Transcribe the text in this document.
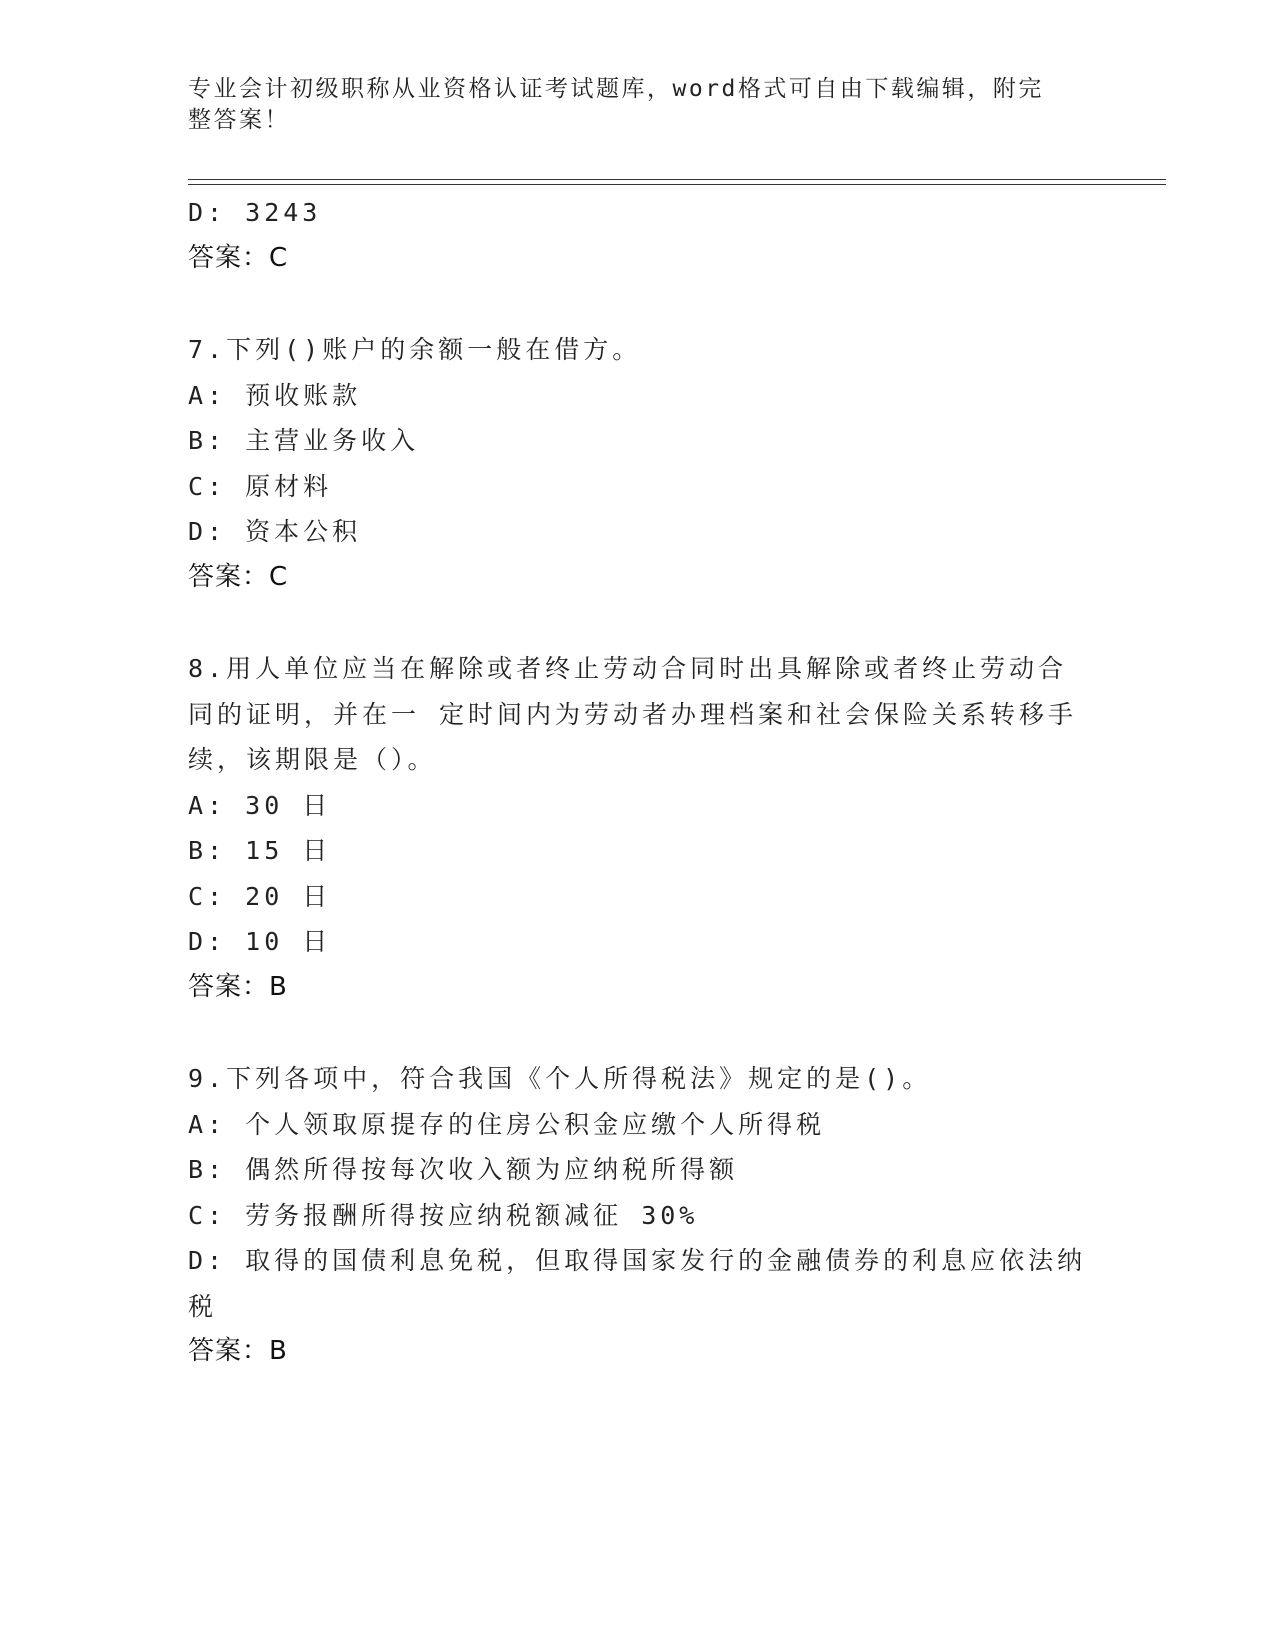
专业会计初级职称从业资格认证考试题库，word格式可自由下载编辑，附完整答案！
D: 3243
答案：C
7.下列()账户的余额一般在借方。
A: 预收账款
B: 主营业务收入
C: 原材料
D: 资本公积
答案：C
8.用人单位应当在解除或者终止劳动合同时出具解除或者终止劳动合
同的证明，并在一 定时间内为劳动者办理档案和社会保险关系转移手
续，该期限是（）。
A: 30 日
B: 15 日
C: 20 日
D: 10 日
答案：B
9.下列各项中，符合我国《个人所得税法》规定的是()。
A: 个人领取原提存的住房公积金应缴个人所得税
B: 偶然所得按每次收入额为应纳税所得额
C: 劳务报酬所得按应纳税额减征 30%
D: 取得的国债利息免税，但取得国家发行的金融债券的利息应依法纳
税
答案：B
